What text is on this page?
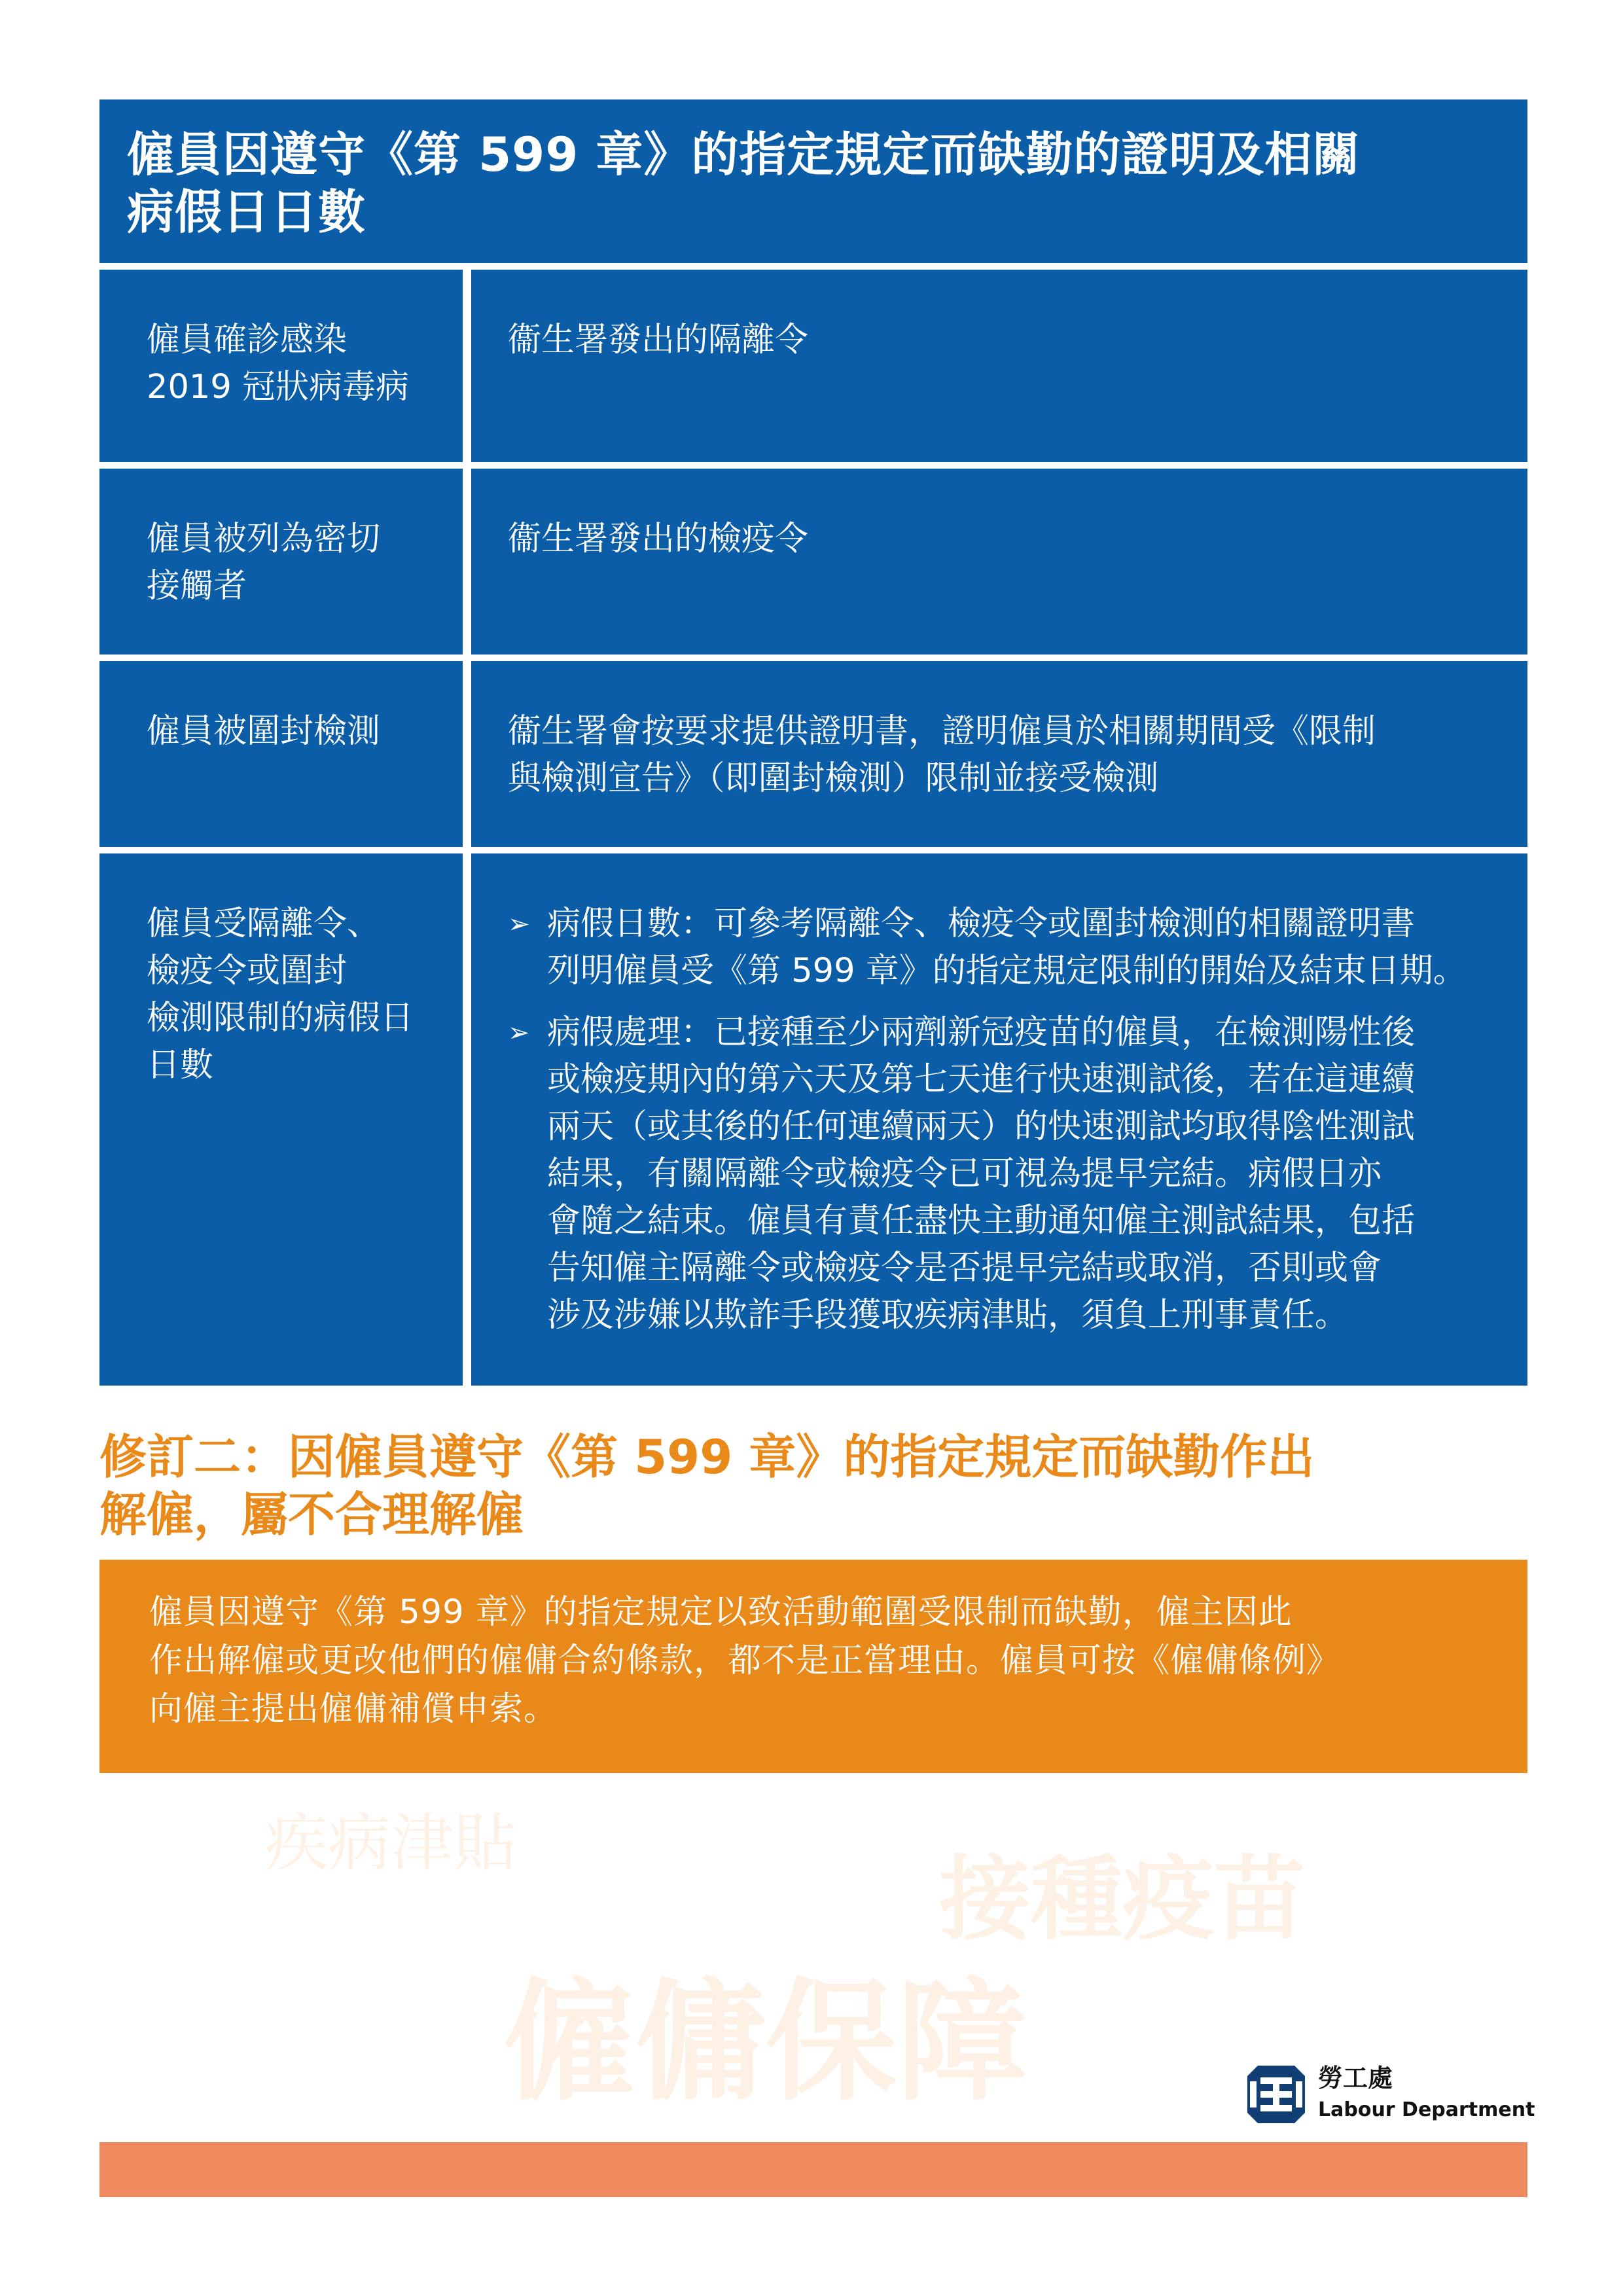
僱員因遵守《第 599 章》的指定規定而缺勤的證明及相關
病假日日數
僱員確診感染
2019 冠狀病毒病
衞生署發出的隔離令
僱員被列為密切
接觸者
衞生署發出的檢疫令
僱員被圍封檢測	衞生署會按要求提供證明書，證明僱員於相關期間受《限制
與檢測宣告》（即圍封檢測）限制並接受檢測
僱員受隔離令、
檢疫令或圍封
檢測限制的病假日
日數
➢ 病假日數：可參考隔離令、檢疫令或圍封檢測的相關證明書
列明僱員受《第 599 章》的指定規定限制的開始及結束日期。
➢ 病假處理：已接種至少兩劑新冠疫苗的僱員，在檢測陽性後
或檢疫期內的第六天及第七天進行快速測試後，若在這連續
兩天（或其後的任何連續兩天）的快速測試均取得陰性測試
結果，有關隔離令或檢疫令已可視為提早完結。病假日亦
會隨之結束。僱員有責任盡快主動通知僱主測試結果，包括
告知僱主隔離令或檢疫令是否提早完結或取消，否則或會
涉及涉嫌以欺詐手段獲取疾病津貼，須負上刑事責任。
修訂二：因僱員遵守《第 599 章》的指定規定而缺勤作出
解僱，屬不合理解僱
僱員因遵守《第 599 章》的指定規定以致活動範圍受限制而缺勤，僱主因此
作出解僱或更改他們的僱傭合約條款，都不是正當理由。僱員可按《僱傭條例》
向僱主提出僱傭補償申索。
疾病津貼
接種疫苗
僱傭保障	勞工處
Labour Department
